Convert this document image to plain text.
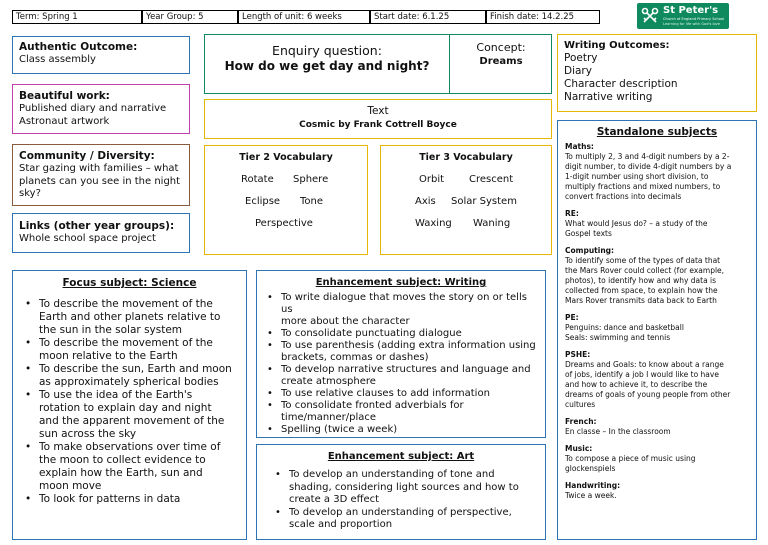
Term: Spring 1	Year Group: 5	Length of unit: 6 weeks	Start date: 6.1.25	Finish date: 14.2.25
St Peter's
Church of England Primary School
Learning for life with God's love
Authentic Outcome:
Class assembly
Beautiful work:
Published diary and narrative
Astronaut artwork
Community / Diversity:
Star gazing with families – what
planets can you see in the night
sky?
Links (other year groups):
Whole school space project
Enquiry question:
How do we get day and night?
Concept:
Dreams
Text
Cosmic by Frank Cottrell Boyce
Tier 2 Vocabulary
Rotate Sphere
Eclipse Tone
Perspective
Tier 3 Vocabulary
Orbit Crescent
Axis Solar System
Waxing Waning
Writing Outcomes:
Poetry
Diary
Character description
Narrative writing
Standalone subjects
Maths:
To multiply 2, 3 and 4-digit numbers by a 2-
digit number, to divide 4-digit numbers by a
1-digit number using short division, to
multiply fractions and mixed numbers, to
convert fractions into decimals
RE:
What would Jesus do? – a study of the
Gospel texts
Computing:
To identify some of the types of data that
the Mars Rover could collect (for example,
photos), to identify how and why data is
collected from space, to explain how the
Mars Rover transmits data back to Earth
PE:
Penguins: dance and basketball
Seals: swimming and tennis
PSHE:
Dreams and Goals: to know about a range
of jobs, identify a job I would like to have
and how to achieve it, to describe the
dreams of goals of young people from other
cultures
French:
En classe – In the classroom
Music:
To compose a piece of music using
glockenspiels
Handwriting:
Twice a week.
Focus subject: Science
• To describe the movement of the
Earth and other planets relative to
the sun in the solar system
• To describe the movement of the
moon relative to the Earth
• To describe the sun, Earth and moon
as approximately spherical bodies
• To use the idea of the Earth's
rotation to explain day and night
and the apparent movement of the
sun across the sky
• To make observations over time of
the moon to collect evidence to
explain how the Earth, sun and
moon move
• To look for patterns in data
Enhancement subject: Writing
• To write dialogue that moves the story on or tells us
more about the character
• To consolidate punctuating dialogue
• To use parenthesis (adding extra information using
brackets, commas or dashes)
• To develop narrative structures and language and
create atmosphere
• To use relative clauses to add information
• To consolidate fronted adverbials for
time/manner/place
• Spelling (twice a week)
Enhancement subject: Art
• To develop an understanding of tone and
shading, considering light sources and how to
create a 3D effect
• To develop an understanding of perspective,
scale and proportion
